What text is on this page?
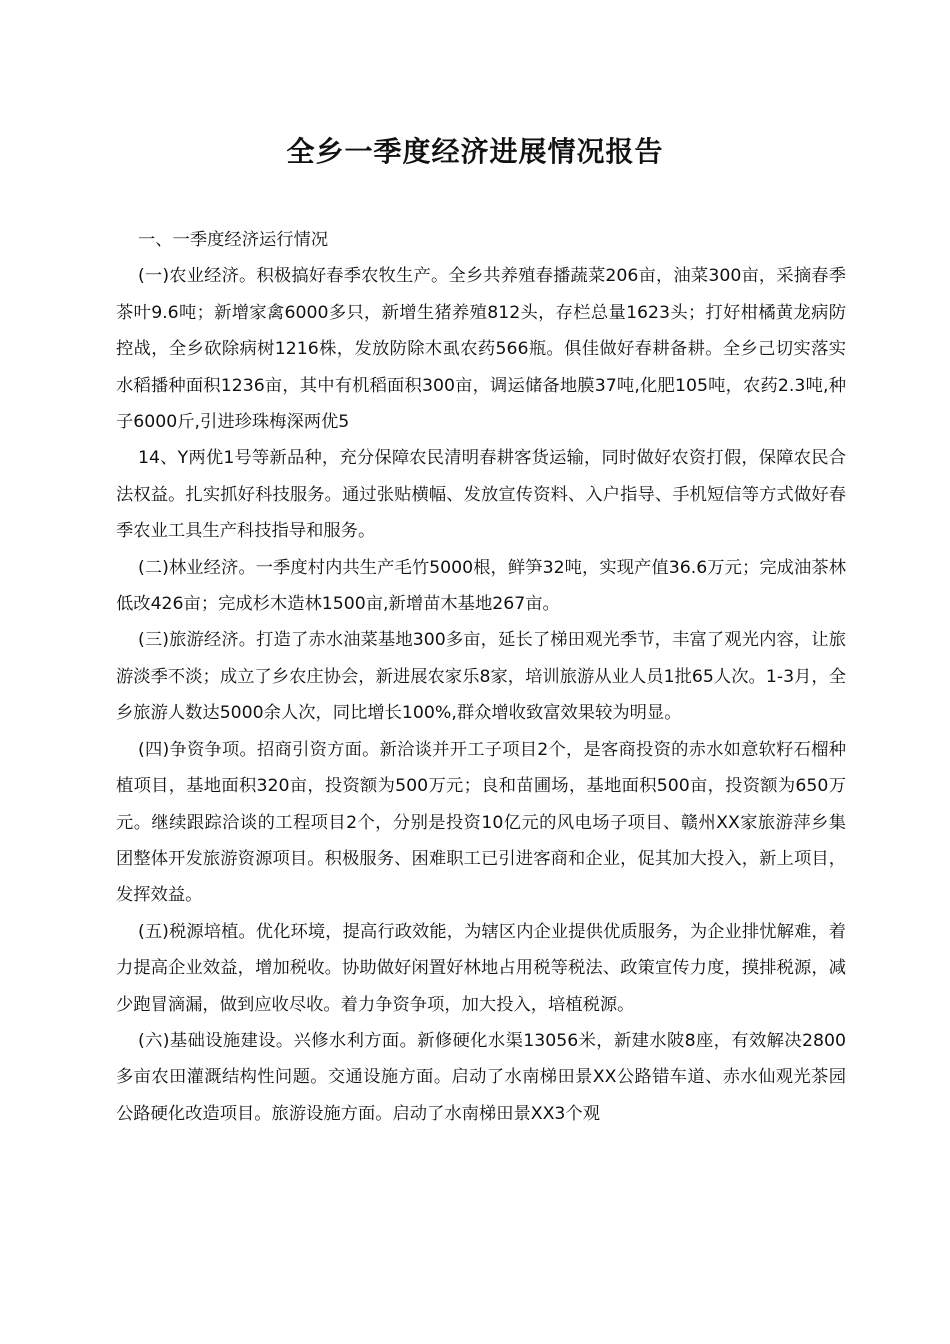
全乡一季度经济进展情况报告

一、一季度经济运行情况

(一)农业经济。积极搞好春季农牧生产。全乡共养殖春播蔬菜206亩，油菜300亩，采摘春季茶叶9.6吨；新增家禽6000多只，新增生猪养殖812头，存栏总量1623头；打好柑橘黄龙病防控战，全乡砍除病树1216株，发放防除木虱农药566瓶。俱佳做好春耕备耕。全乡己切实落实水稻播种面积1236亩，其中有机稻面积300亩，调运储备地膜37吨,化肥105吨，农药2.3吨,种子6000斤,引进珍珠梅深两优5

14、Y两优1号等新品种，充分保障农民清明春耕客货运输，同时做好农资打假，保障农民合法权益。扎实抓好科技服务。通过张贴横幅、发放宣传资料、入户指导、手机短信等方式做好春季农业工具生产科技指导和服务。

(二)林业经济。一季度村内共生产毛竹5000根，鲜笋32吨，实现产值36.6万元；完成油茶林低改426亩；完成杉木造林1500亩,新增苗木基地267亩。

(三)旅游经济。打造了赤水油菜基地300多亩，延长了梯田观光季节，丰富了观光内容，让旅游淡季不淡；成立了乡农庄协会，新进展农家乐8家，培训旅游从业人员1批65人次。1-3月，全乡旅游人数达5000余人次，同比增长100%,群众增收致富效果较为明显。

(四)争资争项。招商引资方面。新洽谈并开工子项目2个，是客商投资的赤水如意软籽石榴种植项目，基地面积320亩，投资额为500万元；良和苗圃场，基地面积500亩，投资额为650万元。继续跟踪洽谈的工程项目2个，分别是投资10亿元的风电场子项目、赣州XX家旅游萍乡集团整体开发旅游资源项目。积极服务、困难职工已引进客商和企业，促其加大投入，新上项目，发挥效益。

(五)税源培植。优化环境，提高行政效能，为辖区内企业提供优质服务，为企业排忧解难，着力提高企业效益，增加税收。协助做好闲置好林地占用税等税法、政策宣传力度，摸排税源，减少跑冒滴漏，做到应收尽收。着力争资争项，加大投入，培植税源。

(六)基础设施建设。兴修水利方面。新修硬化水渠13056米，新建水陂8座，有效解决2800多亩农田灌溉结构性问题。交通设施方面。启动了水南梯田景XX公路错车道、赤水仙观光茶园公路硬化改造项目。旅游设施方面。启动了水南梯田景XX3个观
